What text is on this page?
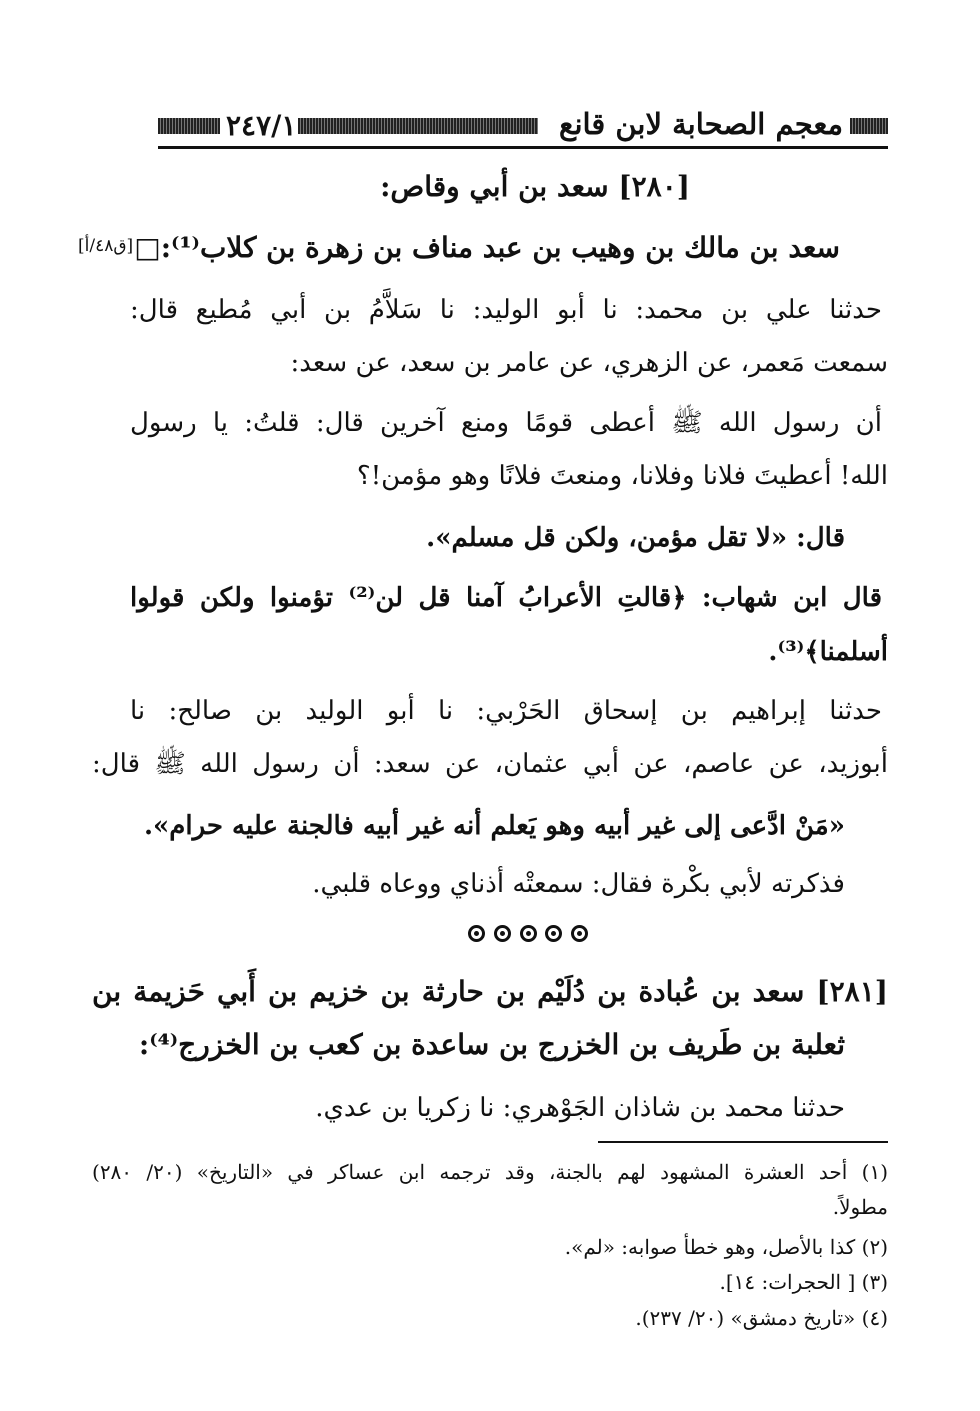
معجم الصحابة لابن قانع
٢٤٧/١
[٢٨٠] سعد بن أبي وقاص:
سعد بن مالك بن وهيب بن عبد مناف بن زهرة بن كلاب⁽¹⁾:□
[ق٤٨/أ]
حدثنا علي بن محمد: نا أبو الوليد: نا سَلاَّمُ بن أبي مُطيع قال:
سمعت مَعمر، عن الزهري، عن عامر بن سعد، عن سعد:
أن رسول الله ﷺ أعطى قومًا ومنع آخرين قال: قلتُ: يا رسول
الله! أعطيتَ فلانا وفلانا، ومنعتَ فلانًا وهو مؤمن!؟
قال: «لا تقل مؤمن، ولكن قل مسلم».
قال ابن شهاب: ﴿قالتِ الأعرابُ آمنا قل لن⁽²⁾ تؤمنوا ولكن قولوا
أسلمنا﴾⁽³⁾.
حدثنا إبراهيم بن إسحاق الحَرْبي: نا أبو الوليد بن صالح: نا
أبوزيد، عن عاصم، عن أبي عثمان، عن سعد: أن رسول الله ﷺ قال:
«مَنْ ادَّعى إلى غير أبيه وهو يَعلم أنه غير أبيه فالجنة عليه حرام».
فذكرته لأبي بكْرة فقال: سمعتْه أذناي ووعاه قلبي.
[٢٨١] سعد بن عُبادة بن دُلَيْم بن حارثة بن خزيم بن أَبي حَزيمة بن
ثعلبة بن طَريف بن الخزرج بن ساعدة بن كعب بن الخزرج⁽⁴⁾:
حدثنا محمد بن شاذان الجَوْهري: نا زكريا بن عدي.
(١) أحد العشرة المشهود لهم بالجنة، وقد ترجمه ابن عساكر في «التاريخ» (٢٠/ ٢٨٠)
مطولاً.
(٢) كذا بالأصل، وهو خطأ صوابه: «لم».
(٣) [ الحجرات: ١٤].
(٤) «تاريخ دمشق» (٢٠/ ٢٣٧).
